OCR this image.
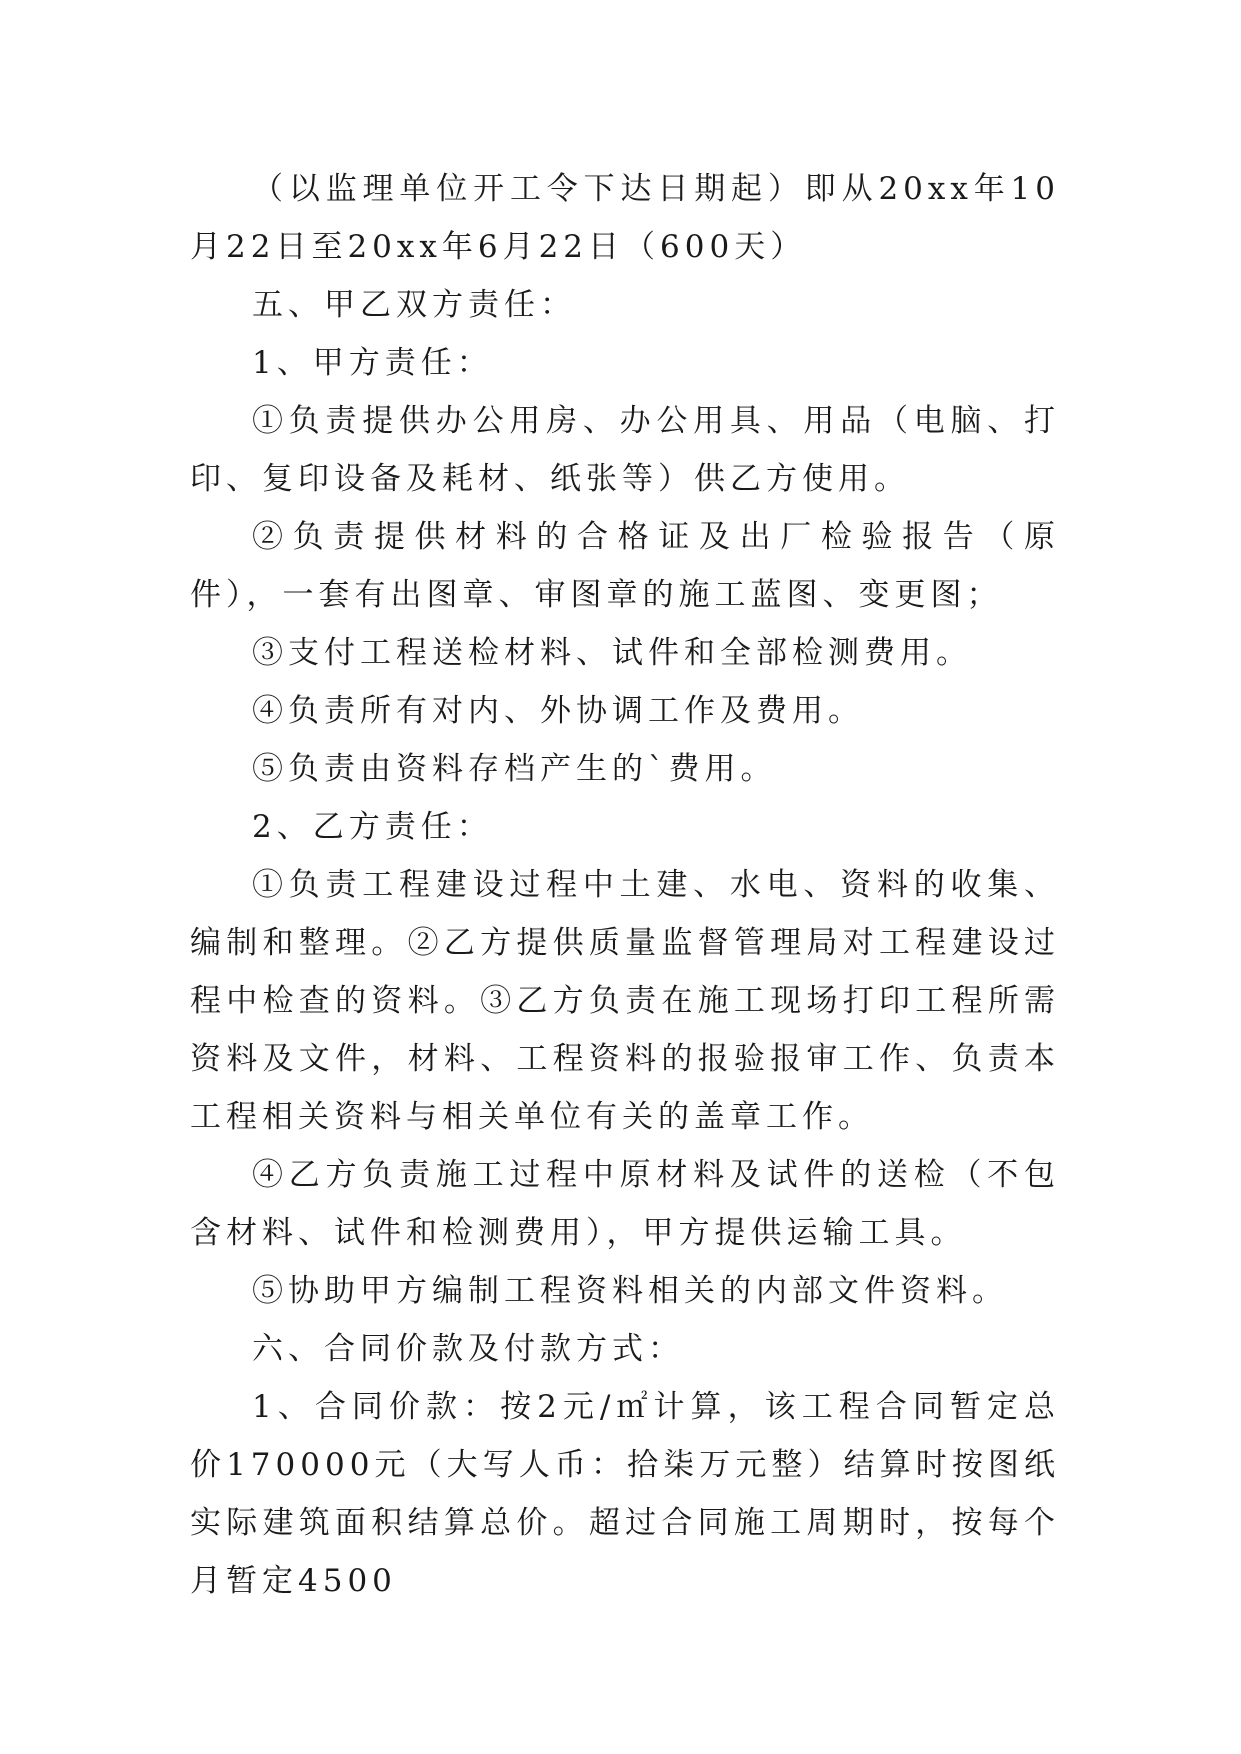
（以监理单位开工令下达日期起）即从20xx年10月22日至20xx年6月22日（600天）

五、甲乙双方责任：

1、甲方责任：

①负责提供办公用房、办公用具、用品（电脑、打印、复印设备及耗材、纸张等）供乙方使用。

②负责提供材料的合格证及出厂检验报告（原件），一套有出图章、审图章的施工蓝图、变更图；

③支付工程送检材料、试件和全部检测费用。

④负责所有对内、外协调工作及费用。

⑤负责由资料存档产生的`费用。

2、乙方责任：

①负责工程建设过程中土建、水电、资料的收集、编制和整理。②乙方提供质量监督管理局对工程建设过程中检查的资料。③乙方负责在施工现场打印工程所需资料及文件，材料、工程资料的报验报审工作、负责本工程相关资料与相关单位有关的盖章工作。

④乙方负责施工过程中原材料及试件的送检（不包含材料、试件和检测费用），甲方提供运输工具。

⑤协助甲方编制工程资料相关的内部文件资料。

六、合同价款及付款方式：

1、合同价款：按2元/㎡计算，该工程合同暂定总价170000元（大写人币：拾柒万元整）结算时按图纸实际建筑面积结算总价。超过合同施工周期时，按每个月暂定4500
